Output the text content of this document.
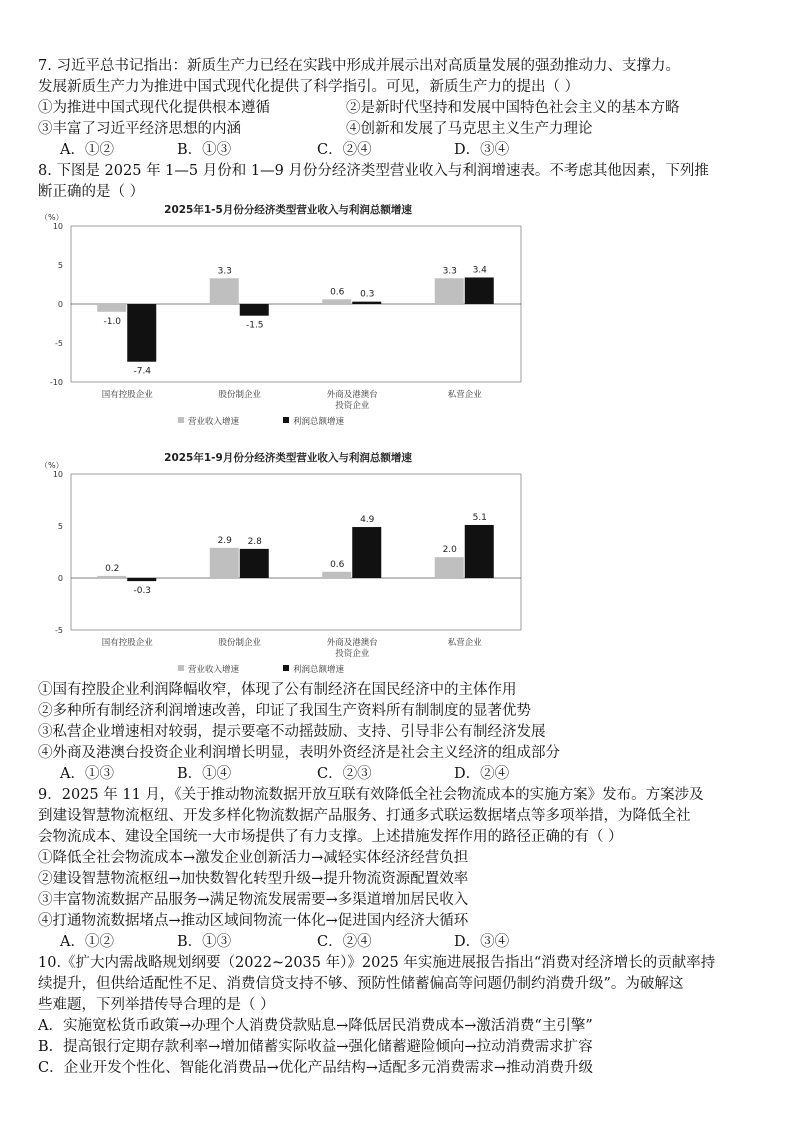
7. 习近平总书记指出：新质生产力已经在实践中形成并展示出对高质量发展的强劲推动力、支撑力。
发展新质生产力为推进中国式现代化提供了科学指引。可见，新质生产力的提出（ ）
①为推进中国式现代化提供根本遵循	②是新时代坚持和发展中国特色社会主义的基本方略
③丰富了习近平经济思想的内涵	④创新和发展了马克思主义生产力理论
A．①②	B．①③	C．②④	D．③④
8. 下图是 2025 年 1—5 月份和 1—9 月份分经济类型营业收入与利润增速表。不考虑其他因素，下列推
断正确的是（ ）
2025年1-5月份分经济类型营业收入与利润总额增速
（%）
10
5
0
-5
-10
-1.0
-7.4
国有控股企业
3.3
-1.5
股份制企业
0.6 0.3
外商及港澳台
投资企业
3.3 3.4
私营企业
营业收入增速	利润总额增速
2025年1-9月份分经济类型营业收入与利润总额增速
（%）
10
5
0
-5
0.2
-0.3
国有控股企业
2.9 2.8
股份制企业
0.6
4.9
外商及港澳台
投资企业
2.0
5.1
私营企业
营业收入增速	利润总额增速
①国有控股企业利润降幅收窄，体现了公有制经济在国民经济中的主体作用
②多种所有制经济利润增速改善，印证了我国生产资料所有制制度的显著优势
③私营企业增速相对较弱，提示要毫不动摇鼓励、支持、引导非公有制经济发展
④外商及港澳台投资企业利润增长明显，表明外资经济是社会主义经济的组成部分
A．①③	B．①④	C．②③	D．②④
9．2025 年 11 月，《关于推动物流数据开放互联有效降低全社会物流成本的实施方案》发布。方案涉及
到建设智慧物流枢纽、开发多样化物流数据产品服务、打通多式联运数据堵点等多项举措，为降低全社
会物流成本、建设全国统一大市场提供了有力支撑。上述措施发挥作用的路径正确的有（ ）
①降低全社会物流成本→激发企业创新活力→减轻实体经济经营负担
②建设智慧物流枢纽→加快数智化转型升级→提升物流资源配置效率
③丰富物流数据产品服务→满足物流发展需要→多渠道增加居民收入
④打通物流数据堵点→推动区域间物流一体化→促进国内经济大循环
A．①②	B．①③	C．②④	D．③④
10.《扩大内需战略规划纲要（2022~2035 年）》2025 年实施进展报告指出“消费对经济增长的贡献率持
续提升，但供给适配性不足、消费信贷支持不够、预防性储蓄偏高等问题仍制约消费升级”。为破解这
些难题，下列举措传导合理的是（ ）
A．实施宽松货币政策→办理个人消费贷款贴息→降低居民消费成本→激活消费“主引擎”
B．提高银行定期存款利率→增加储蓄实际收益→强化储蓄避险倾向→拉动消费需求扩容
C．企业开发个性化、智能化消费品→优化产品结构→适配多元消费需求→推动消费升级
